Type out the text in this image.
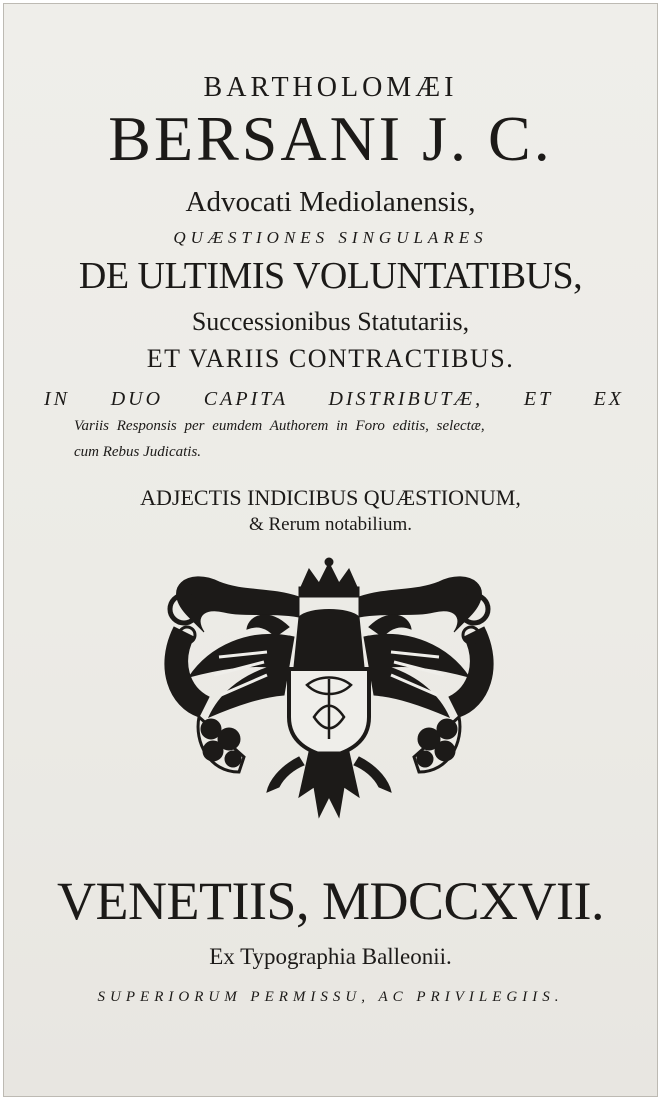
BARTHOLOMÆI
BERSANI J. C.
Advocati Mediolanensis,
QUÆSTIONES SINGULARES
DE ULTIMIS VOLUNTATIBUS,
Successionibus Statutariis,
ET VARIIS CONTRACTIBUS.
IN DUO CAPITA DISTRIBUTÆ, ET EX
Variis Responsis per eumdem Authorem in Foro editis, selectæ,
cum Rebus Judicatis.
ADJECTIS INDICIBUS QUÆSTIONUM,
& Rerum notabilium.
VENETIIS, MDCCXVII.
Ex Typographia Balleonii.
SUPERIORUM PERMISSU, AC PRIVILEGIIS.
